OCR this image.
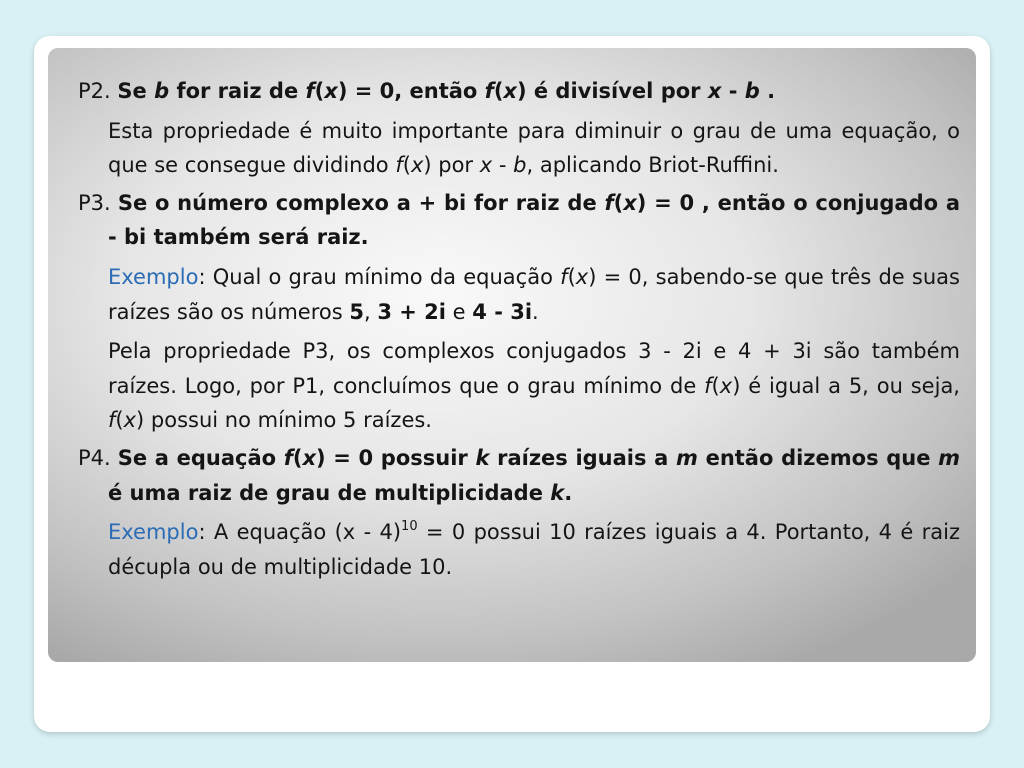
P2. Se b for raiz de f(x) = 0, então f(x) é divisível por x - b .

Esta propriedade é muito importante para diminuir o grau de uma equação, o que se consegue dividindo f(x) por x - b, aplicando Briot-Ruffini.

P3. Se o número complexo a + bi for raiz de f(x) = 0 , então o conjugado a - bi também será raiz.

Exemplo: Qual o grau mínimo da equação f(x) = 0, sabendo-se que três de suas raízes são os números 5, 3 + 2i e 4 - 3i.

Pela propriedade P3, os complexos conjugados 3 - 2i e 4 + 3i são também raízes. Logo, por P1, concluímos que o grau mínimo de f(x) é igual a 5, ou seja, f(x) possui no mínimo 5 raízes.

P4. Se a equação f(x) = 0 possuir k raízes iguais a m então dizemos que m é uma raiz de grau de multiplicidade k.

Exemplo: A equação (x - 4)$^{10}$ = 0 possui 10 raízes iguais a 4. Portanto, 4 é raiz décupla ou de multiplicidade 10.
